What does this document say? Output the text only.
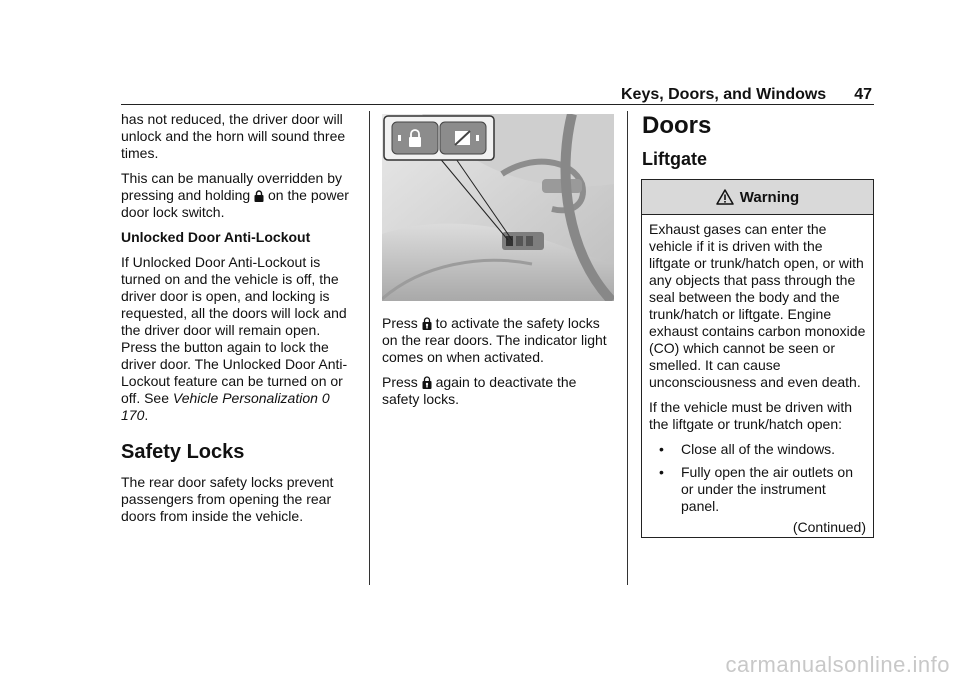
Keys, Doors, and Windows 47

has not reduced, the driver door will unlock and the horn will sound three times.

This can be manually overridden by pressing and holding on the power door lock switch.

Unlocked Door Anti-Lockout

If Unlocked Door Anti-Lockout is turned on and the vehicle is off, the driver door is open, and locking is requested, all the doors will lock and the driver door will remain open. Press the button again to lock the driver door. The Unlocked Door Anti-Lockout feature can be turned on or off. See Vehicle Personalization 0 170.

Safety Locks

The rear door safety locks prevent passengers from opening the rear doors from inside the vehicle.

Press to activate the safety locks on the rear doors. The indicator light comes on when activated.

Press again to deactivate the safety locks.

Doors
Liftgate
Warning

Exhaust gases can enter the vehicle if it is driven with the liftgate or trunk/hatch open, or with any objects that pass through the seal between the body and the trunk/hatch or liftgate. Engine exhaust contains carbon monoxide (CO) which cannot be seen or smelled. It can cause unconsciousness and even death.

If the vehicle must be driven with the liftgate or trunk/hatch open:

•	Close all of the windows.
•	Fully open the air outlets on or under the instrument panel.
(Continued)
carmanualsonline.info
